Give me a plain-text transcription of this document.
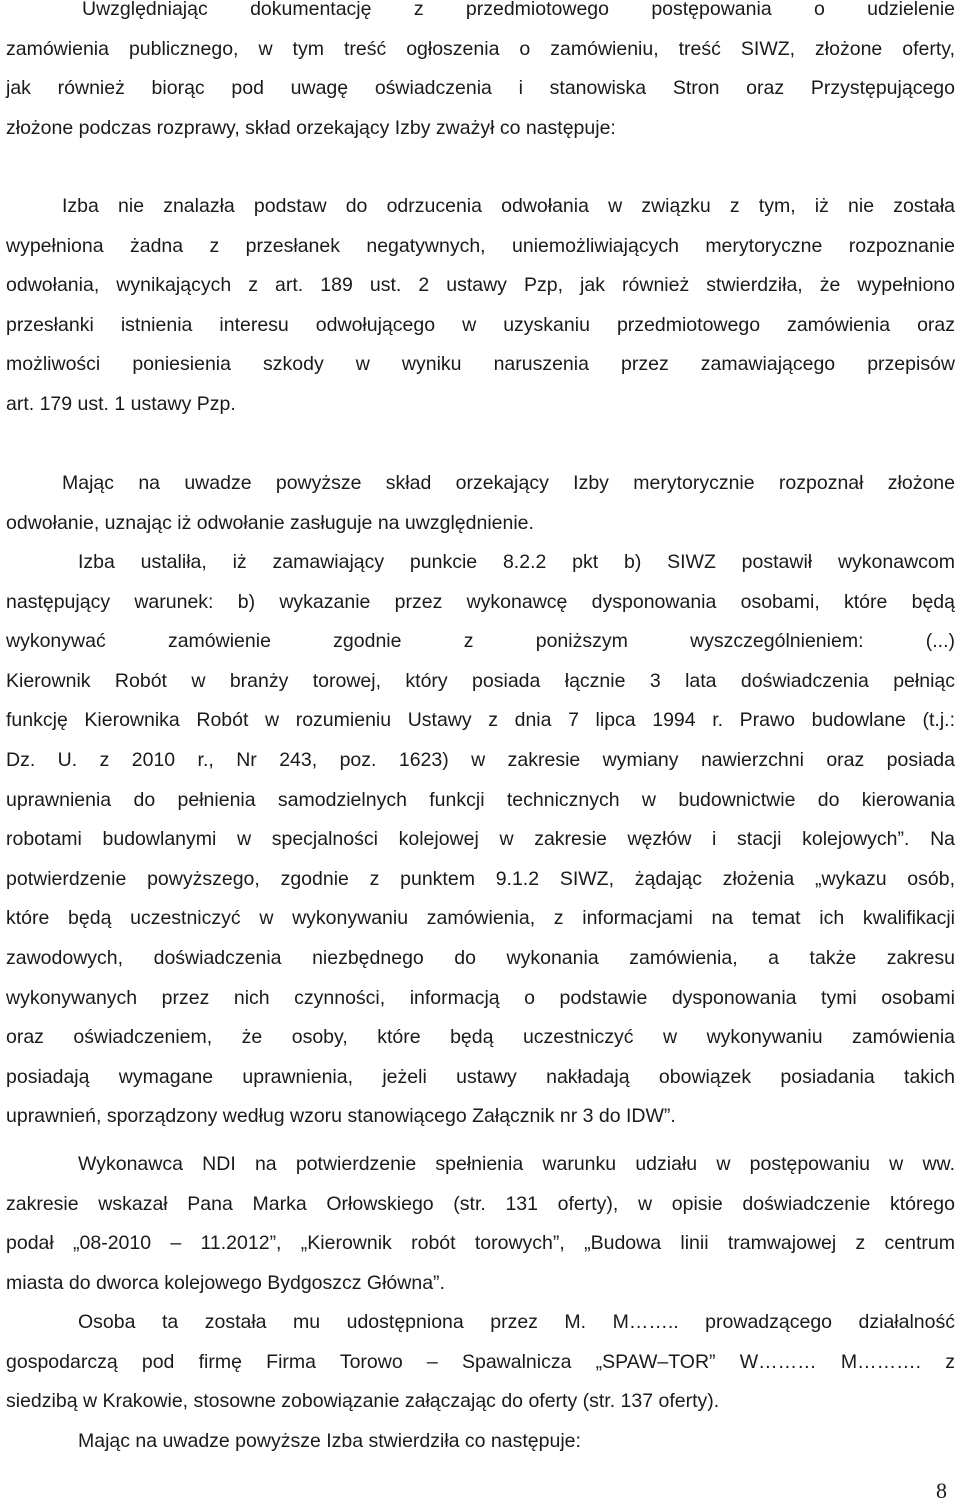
Uwzględniając dokumentację z przedmiotowego postępowania o udzielenie
zamówienia publicznego, w tym treść ogłoszenia o zamówieniu, treść SIWZ, złożone oferty,
jak również biorąc pod uwagę oświadczenia i stanowiska Stron oraz Przystępującego
złożone podczas rozprawy, skład orzekający Izby zważył co następuje:
Izba nie znalazła podstaw do odrzucenia odwołania w związku z tym, iż nie została
wypełniona żadna z przesłanek negatywnych, uniemożliwiających merytoryczne rozpoznanie
odwołania, wynikających z art. 189 ust. 2 ustawy Pzp, jak również stwierdziła, że wypełniono
przesłanki istnienia interesu odwołującego w uzyskaniu przedmiotowego zamówienia oraz
możliwości poniesienia szkody w wyniku naruszenia przez zamawiającego przepisów
art. 179 ust. 1 ustawy Pzp.
Mając na uwadze powyższe skład orzekający Izby merytorycznie rozpoznał złożone
odwołanie, uznając iż odwołanie zasługuje na uwzględnienie.
Izba ustaliła, iż zamawiający punkcie 8.2.2 pkt b) SIWZ postawił wykonawcom
następujący warunek: b) wykazanie przez wykonawcę dysponowania osobami, które będą
wykonywać zamówienie zgodnie z poniższym wyszczególnieniem: (...)
Kierownik Robót w branży torowej, który posiada łącznie 3 lata doświadczenia pełniąc
funkcję Kierownika Robót w rozumieniu Ustawy z dnia 7 lipca 1994 r. Prawo budowlane (t.j.:
Dz. U. z 2010 r., Nr 243, poz. 1623) w zakresie wymiany nawierzchni oraz posiada
uprawnienia do pełnienia samodzielnych funkcji technicznych w budownictwie do kierowania
robotami budowlanymi w specjalności kolejowej w zakresie węzłów i stacji kolejowych”. Na
potwierdzenie powyższego, zgodnie z punktem 9.1.2 SIWZ, żądając złożenia „wykazu osób,
które będą uczestniczyć w wykonywaniu zamówienia, z informacjami na temat ich kwalifikacji
zawodowych, doświadczenia niezbędnego do wykonania zamówienia, a także zakresu
wykonywanych przez nich czynności, informacją o podstawie dysponowania tymi osobami
oraz oświadczeniem, że osoby, które będą uczestniczyć w wykonywaniu zamówienia
posiadają wymagane uprawnienia, jeżeli ustawy nakładają obowiązek posiadania takich
uprawnień, sporządzony według wzoru stanowiącego Załącznik nr 3 do IDW”.
Wykonawca NDI na potwierdzenie spełnienia warunku udziału w postępowaniu w ww.
zakresie wskazał Pana Marka Orłowskiego (str. 131 oferty), w opisie doświadczenie którego
podał „08-2010 – 11.2012”, „Kierownik robót torowych”, „Budowa linii tramwajowej z centrum
miasta do dworca kolejowego Bydgoszcz Główna”.
Osoba ta została mu udostępniona przez M. M…….. prowadzącego działalność
gospodarczą pod firmę Firma Torowo – Spawalnicza „SPAW–TOR” W……… M………. z
siedzibą w Krakowie, stosowne zobowiązanie załączając do oferty (str. 137 oferty).
Mając na uwadze powyższe Izba stwierdziła co następuje:
8
